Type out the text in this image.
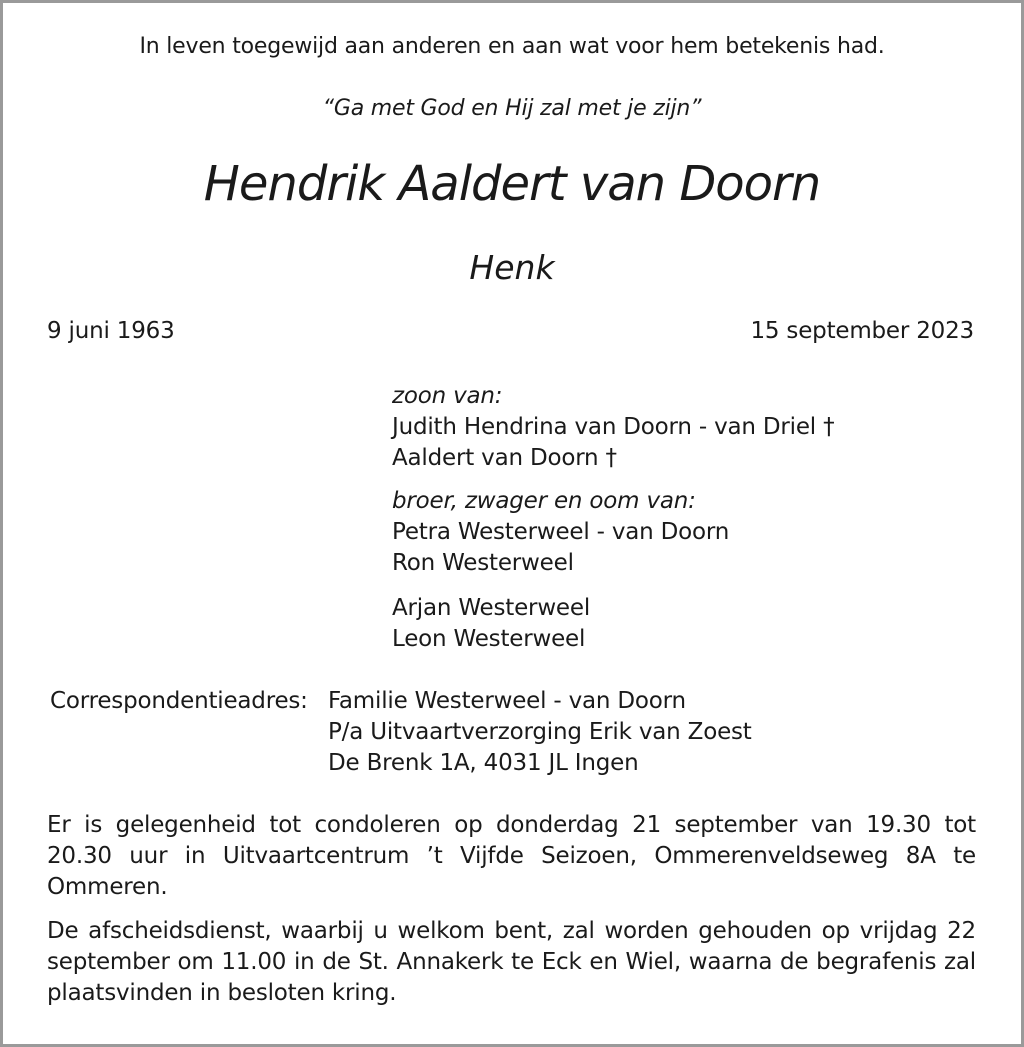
In leven toegewijd aan anderen en aan wat voor hem betekenis had.
“Ga met God en Hij zal met je zijn”
Hendrik Aaldert van Doorn
Henk
9 juni 1963	15 september 2023
zoon van:
Judith Hendrina van Doorn - van Driel †
Aaldert van Doorn †
broer, zwager en oom van:
Petra Westerweel - van Doorn
Ron Westerweel
Arjan Westerweel
Leon Westerweel
Correspondentieadres: Familie Westerweel - van Doorn
P/a Uitvaartverzorging Erik van Zoest
De Brenk 1A, 4031 JL Ingen
Er is gelegenheid tot condoleren op donderdag 21 september van 19.30 tot 20.30 uur in Uitvaartcentrum ’t Vijfde Seizoen, Ommerenveldseweg 8A te Ommeren.
De afscheidsdienst, waarbij u welkom bent, zal worden gehouden op vrijdag 22 september om 11.00 in de St. Annakerk te Eck en Wiel, waarna de begrafenis zal plaatsvinden in besloten kring.
